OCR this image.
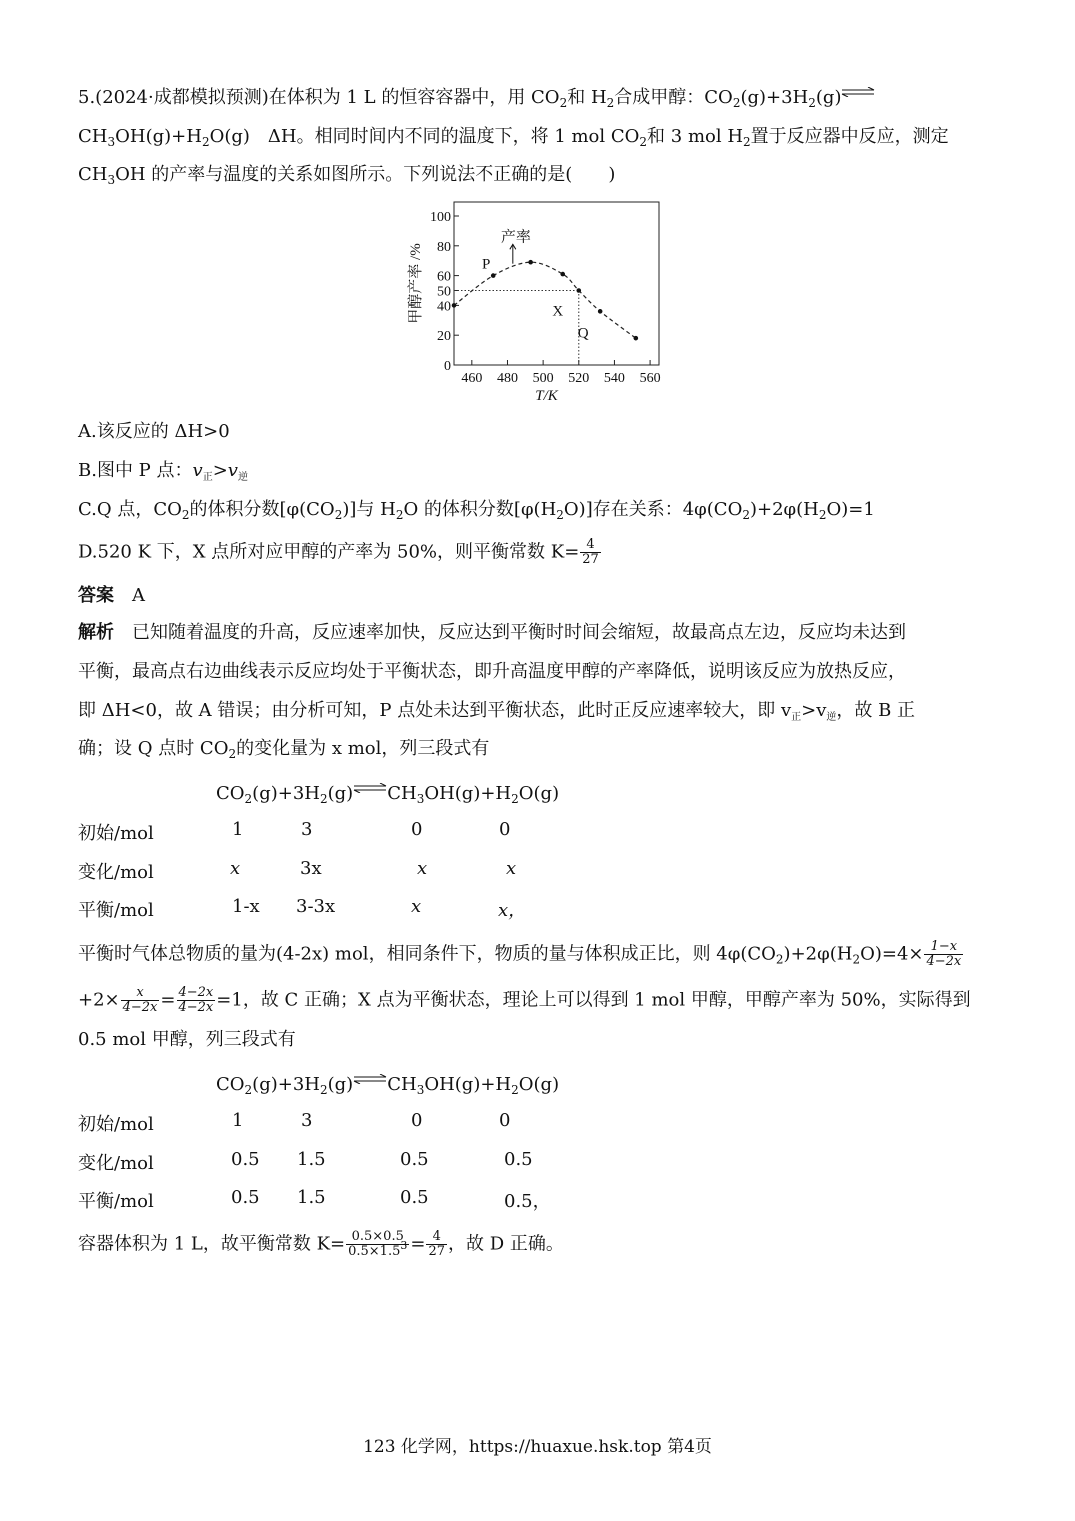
5.(2024·成都模拟预测)在体积为 1 L 的恒容容器中，用 $CO_2$和 $H_2$合成甲醇：$CO_2(g)+3H_2(g)\rightleftharpoons$
$CH_3OH(g)+H_2O(g)$　ΔH。相同时间内不同的温度下，将 1 mol $CO_2$和 3 mol $H_2$置于反应器中反应，测定
$CH_3OH$ 的产率与温度的关系如图所示。下列说法不正确的是(　　)
0
20
40
50
60
80
100
460 480 500 520 540 560
T/K
甲醇产率 /%	P
X
Q
产率
A.该反应的 ΔH>0
B.图中 P 点：$v_正>v_逆$
C.Q 点，$CO_2$的体积分数$[\varphi(CO_2)]$与 $H_2O$ 的体积分数$[\varphi(H_2O)]$存在关系：$4\varphi(CO_2)+2\varphi(H_2O)=1$
D.520 K 下，X 点所对应甲醇的产率为 50%，则平衡常数 $K= \frac{4}{27}$
答案　 A
解析　 已知随着温度的升高，反应速率加快，反应达到平衡时时间会缩短，故最高点左边，反应均未达到
平衡，最高点右边曲线表示反应均处于平衡状态，即升高温度甲醇的产率降低，说明该反应为放热反应，
即 ΔH<0，故 A 错误；由分析可知，P 点处未达到平衡状态，此时正反应速率较大，即 $v_正>v_逆$，故 B 正
确；设 Q 点时 $CO_2$的变化量为 x mol，列三段式有
$CO_2(g)+3H_2(g)\rightleftharpoons CH_3OH(g)+H_2O(g)$
初始/mol	1	3	0	0
变化/mol	x	3x	x	x
平衡/mol	1-x 3-3x	x	x，
平衡时气体总物质的量为(4-2x) mol，相同条件下，物质的量与体积成正比，则 $4\varphi(CO_2)+2\varphi(H_2O)=4\times \frac{1-x}{4-2x}$
$+2\times \frac{x}{4-2x} = \frac{4-2x}{4-2x} =1$，故 C 正确；X 点为平衡状态，理论上可以得到 1 mol 甲醇，甲醇产率为 50%，实际得到
0.5 mol 甲醇，列三段式有
$CO_2(g)+3H_2(g)\rightleftharpoons CH_3OH(g)+H_2O(g)$
初始/mol	1	3	0	0
变化/mol	0.5 1.5	0.5	0.5
平衡/mol	0.5 1.5	0.5	0.5，
容器体积为 1 L，故平衡常数 $K= \frac{0.5\times 0.5}{0.5\times 1.5^3} = \frac{4}{27}$ ，故 D 正确。
123 化学网，https://huaxue.hsk.top 第4页
